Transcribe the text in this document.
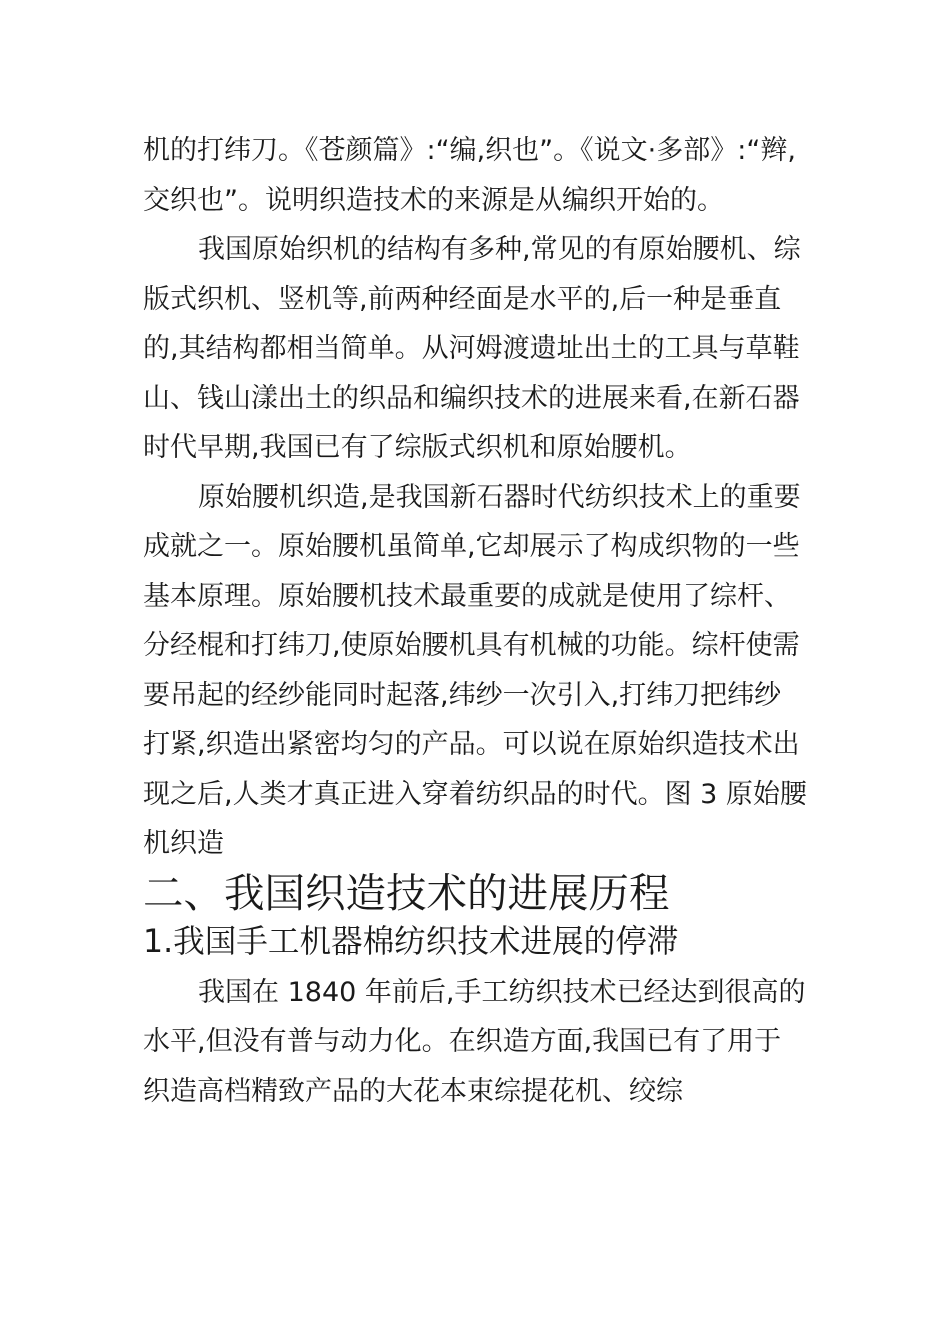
机的打纬刀。《苍颜篇》:“编,织也”。《说文·多部》:“辫,交织也”。说明织造技术的来源是从编织开始的。

我国原始织机的结构有多种,常见的有原始腰机、综版式织机、竖机等,前两种经面是水平的,后一种是垂直的,其结构都相当简单。从河姆渡遗址出土的工具与草鞋山、钱山漾出土的织品和编织技术的进展来看,在新石器时代早期,我国已有了综版式织机和原始腰机。

原始腰机织造,是我国新石器时代纺织技术上的重要成就之一。原始腰机虽简单,它却展示了构成织物的一些基本原理。原始腰机技术最重要的成就是使用了综杆、分经棍和打纬刀,使原始腰机具有机械的功能。综杆使需要吊起的经纱能同时起落,纬纱一次引入,打纬刀把纬纱打紧,织造出紧密均匀的产品。可以说在原始织造技术出现之后,人类才真正进入穿着纺织品的时代。图 3 原始腰机织造

二、我国织造技术的进展历程
1.我国手工机器棉纺织技术进展的停滞

我国在 1840 年前后,手工纺织技术已经达到很高的水平,但没有普与动力化。在织造方面,我国已有了用于织造高档精致产品的大花本束综提花机、绞综
